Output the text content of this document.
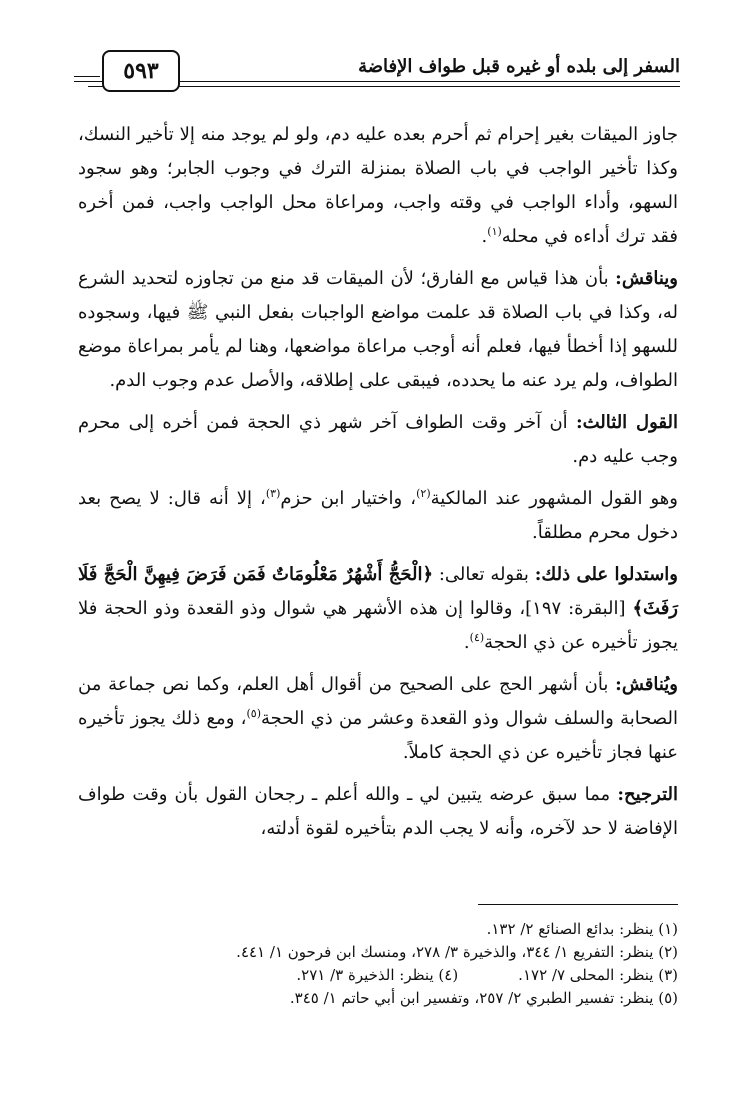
السفر إلى بلده أو غيره قبل طواف الإفاضة
٥٩٣

جاوز الميقات بغير إحرام ثم أحرم بعده عليه دم، ولو لم يوجد منه إلا تأخير النسك، وكذا تأخير الواجب في باب الصلاة بمنزلة الترك في وجوب الجابر؛ وهو سجود السهو، وأداء الواجب في وقته واجب، ومراعاة محل الواجب واجب، فمن أخره فقد ترك أداءه في محله$^{(١)}$.

ويناقش: بأن هذا قياس مع الفارق؛ لأن الميقات قد منع من تجاوزه لتحديد الشرع له، وكذا في باب الصلاة قد علمت مواضع الواجبات بفعل النبي ﷺ فيها، وسجوده للسهو إذا أخطأ فيها، فعلم أنه أوجب مراعاة مواضعها، وهنا لم يأمر بمراعاة موضع الطواف، ولم يرد عنه ما يحدده، فيبقى على إطلاقه، والأصل عدم وجوب الدم.

القول الثالث: أن آخر وقت الطواف آخر شهر ذي الحجة فمن أخره إلى محرم وجب عليه دم.

وهو القول المشهور عند المالكية$^{(٢)}$، واختيار ابن حزم$^{(٣)}$، إلا أنه قال: لا يصح بعد دخول محرم مطلقاً.

واستدلوا على ذلك: بقوله تعالى: ﴿الْحَجُّ أَشْهُرٌ مَعْلُومَاتٌ فَمَن فَرَضَ فِيهِنَّ الْحَجَّ فَلَا رَفَثَ﴾ [البقرة: ١٩٧]، وقالوا إن هذه الأشهر هي شوال وذو القعدة وذو الحجة فلا يجوز تأخيره عن ذي الحجة$^{(٤)}$.

ويُناقش: بأن أشهر الحج على الصحيح من أقوال أهل العلم، وكما نص جماعة من الصحابة والسلف شوال وذو القعدة وعشر من ذي الحجة$^{(٥)}$، ومع ذلك يجوز تأخيره عنها فجاز تأخيره عن ذي الحجة كاملاً.

الترجيح: مما سبق عرضه يتبين لي ـ والله أعلم ـ رجحان القول بأن وقت طواف الإفاضة لا حد لآخره، وأنه لا يجب الدم بتأخيره لقوة أدلته،

(١) ينظر: بدائع الصنائع ٢/ ١٣٢.
(٢) ينظر: التفريع ١/ ٣٤٤، والذخيرة ٣/ ٢٧٨، ومنسك ابن فرحون ١/ ٤٤١.
(٣) ينظر: المحلى ٧/ ١٧٢.(٤) ينظر: الذخيرة ٣/ ٢٧١.
(٥) ينظر: تفسير الطبري ٢/ ٢٥٧، وتفسير ابن أبي حاتم ١/ ٣٤٥.
